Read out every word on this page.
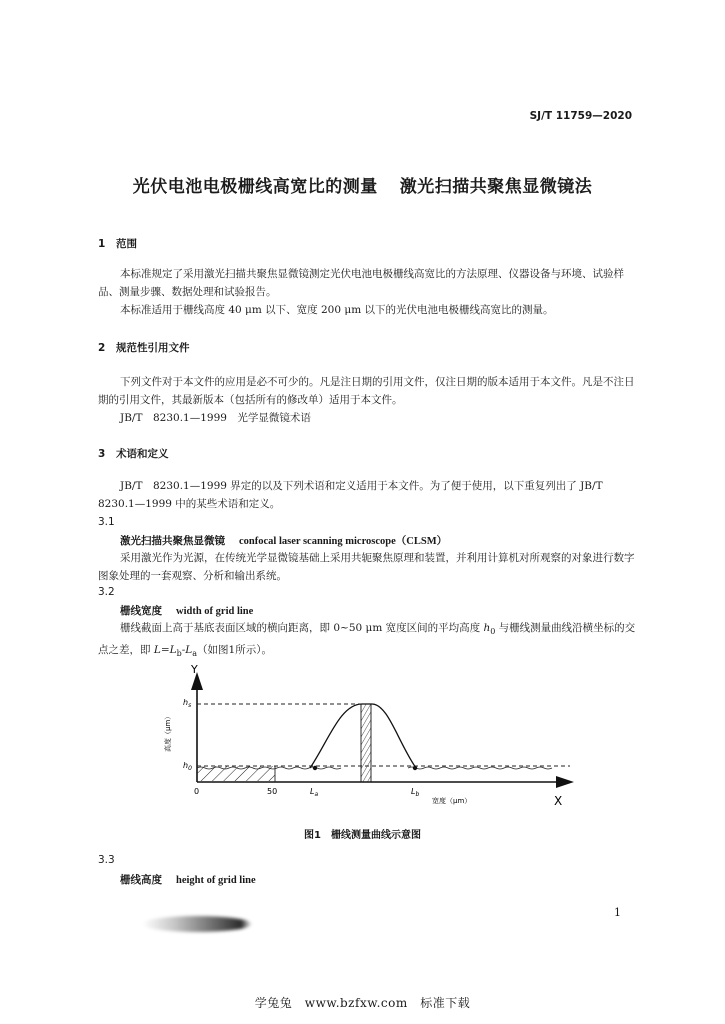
SJ/T 11759—2020
光伏电池电极栅线高宽比的测量 激光扫描共聚焦显微镜法
1 范围
本标准规定了采用激光扫描共聚焦显微镜测定光伏电池电极栅线高宽比的方法原理、仪器设备与环境、试验样品、测量步骤、数据处理和试验报告。
本标准适用于栅线高度 40 μm 以下、宽度 200 μm 以下的光伏电池电极栅线高宽比的测量。
2 规范性引用文件
下列文件对于本文件的应用是必不可少的。凡是注日期的引用文件，仅注日期的版本适用于本文件。凡是不注日期的引用文件，其最新版本（包括所有的修改单）适用于本文件。
JB/T　8230.1—1999　光学显微镜术语
3 术语和定义
JB/T　8230.1—1999 界定的以及下列术语和定义适用于本文件。为了便于使用，以下重复列出了 JB/T 8230.1—1999 中的某些术语和定义。
3.1
激光扫描共聚焦显微镜 confocal laser scanning microscope（CLSM）
采用激光作为光源，在传统光学显微镜基础上采用共轭聚焦原理和装置，并利用计算机对所观察的对象进行数字图象处理的一套观察、分析和输出系统。
3.2
栅线宽度 width of grid line
栅线截面上高于基底表面区域的横向距离，即 0~50 μm 宽度区间的平均高度 $h_0$ 与栅线测量曲线沿横坐标的交点之差，即 $L=L_b-L_a$（如图1所示）。
Y
X
高度（μm）
宽度（μm）
$h_s$
$h_0$
0	50	$L_a$	$L_b$
图1　栅线测量曲线示意图
3.3
栅线高度 height of grid line
1
学兔兔　www.bzfxw.com　标准下载
